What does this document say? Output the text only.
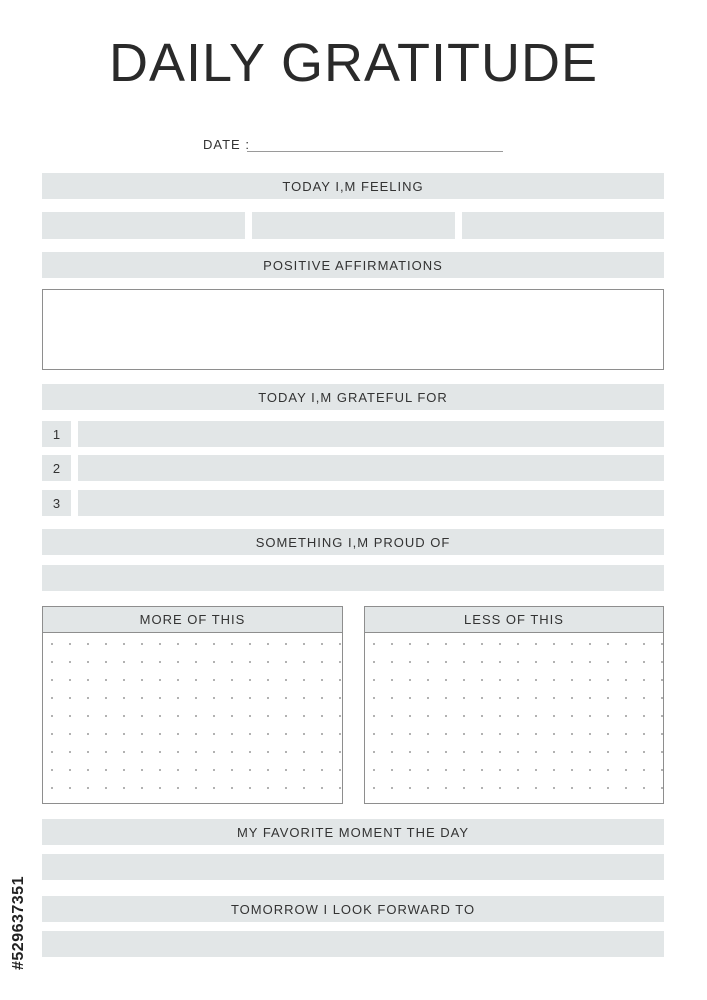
DAILY GRATITUDE
DATE :
TODAY I,M FEELING
POSITIVE AFFIRMATIONS
TODAY I,M GRATEFUL FOR
1
2
3
SOMETHING I,M PROUD OF
MORE OF THIS	LESS OF THIS
MY FAVORITE MOMENT THE DAY
TOMORROW I LOOK FORWARD TO
#529637351
